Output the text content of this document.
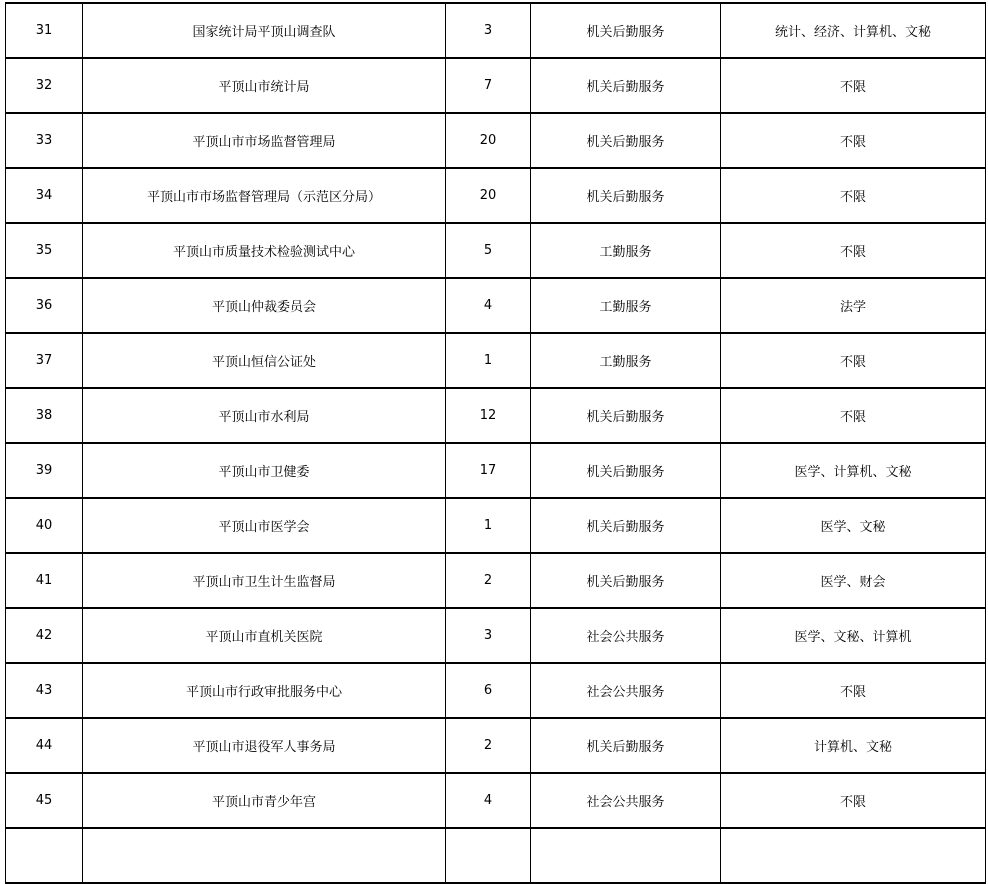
31	国家统计局平顶山调查队	3	机关后勤服务	统计、经济、计算机、文秘
32	平顶山市统计局	7	机关后勤服务	不限
33	平顶山市市场监督管理局	20	机关后勤服务	不限
34	平顶山市市场监督管理局（示范区分局）	20	机关后勤服务	不限
35	平顶山市质量技术检验测试中心	5	工勤服务	不限
36	平顶山仲裁委员会	4	工勤服务	法学
37	平顶山恒信公证处	1	工勤服务	不限
38	平顶山市水利局	12	机关后勤服务	不限
39	平顶山市卫健委	17	机关后勤服务	医学、计算机、文秘
40	平顶山市医学会	1	机关后勤服务	医学、文秘
41	平顶山市卫生计生监督局	2	机关后勤服务	医学、财会
42	平顶山市直机关医院	3	社会公共服务	医学、文秘、计算机
43	平顶山市行政审批服务中心	6	社会公共服务	不限
44	平顶山市退役军人事务局	2	机关后勤服务	计算机、文秘
45	平顶山市青少年宫	4	社会公共服务	不限
